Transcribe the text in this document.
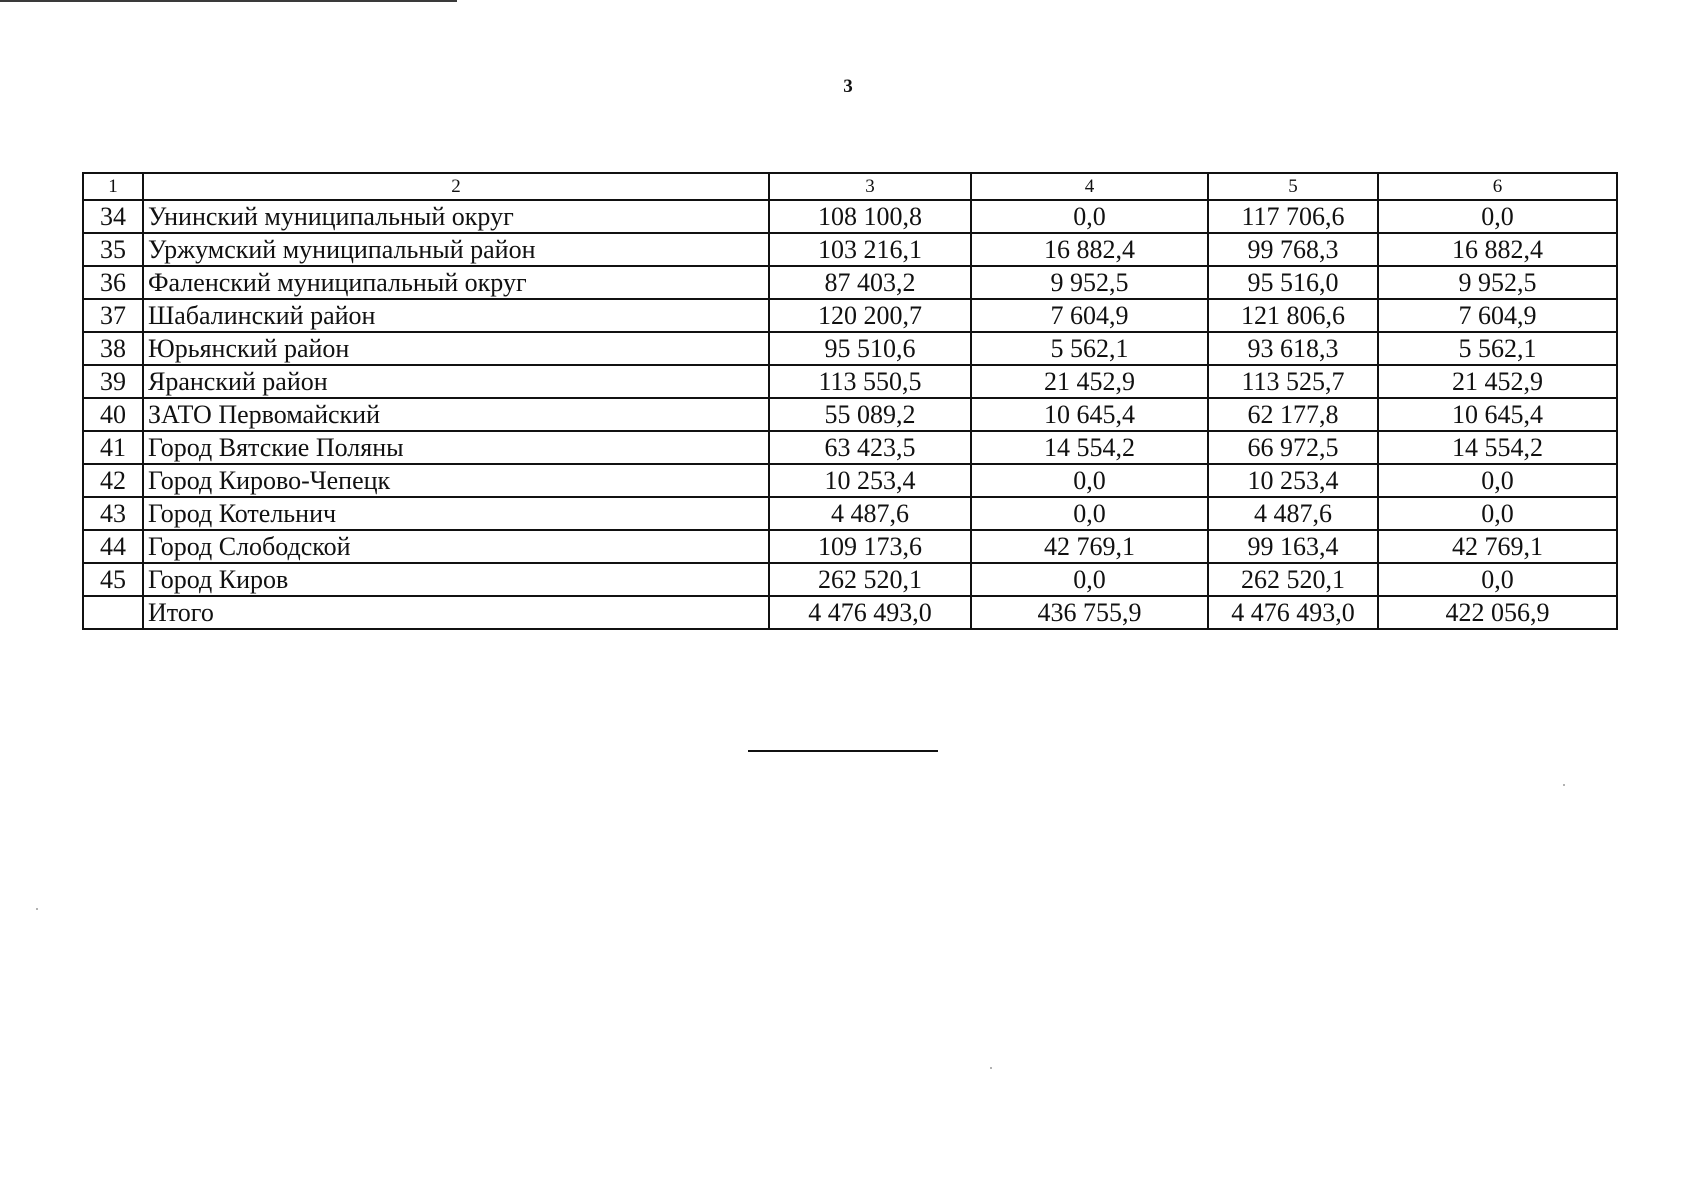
3
1	2	3	4	5	6
34	Унинский муниципальный округ	108 100,8	0,0	117 706,6	0,0
35	Уржумский муниципальный район	103 216,1	16 882,4	99 768,3	16 882,4
36	Фаленский муниципальный округ	87 403,2	9 952,5	95 516,0	9 952,5
37	Шабалинский район	120 200,7	7 604,9	121 806,6	7 604,9
38	Юрьянский район	95 510,6	5 562,1	93 618,3	5 562,1
39	Яранский район	113 550,5	21 452,9	113 525,7	21 452,9
40	ЗАТО Первомайский	55 089,2	10 645,4	62 177,8	10 645,4
41	Город Вятские Поляны	63 423,5	14 554,2	66 972,5	14 554,2
42	Город Кирово-Чепецк	10 253,4	0,0	10 253,4	0,0
43	Город Котельнич	4 487,6	0,0	4 487,6	0,0
44	Город Слободской	109 173,6	42 769,1	99 163,4	42 769,1
45	Город Киров	262 520,1	0,0	262 520,1	0,0
	Итого	4 476 493,0	436 755,9	4 476 493,0	422 056,9
